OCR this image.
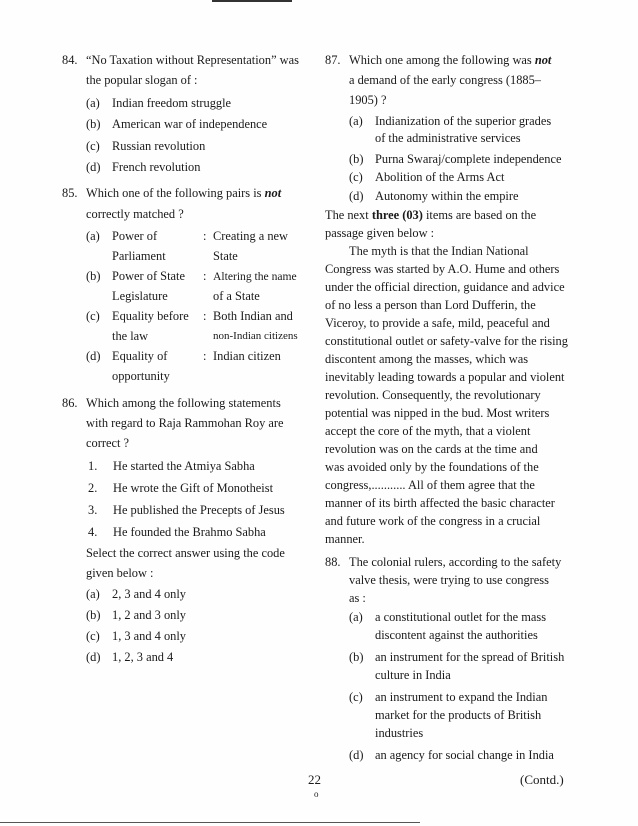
84. “No Taxation without Representation” was
the popular slogan of :
(a) Indian freedom struggle
(b) American war of independence
(c) Russian revolution
(d) French revolution
85. Which one of the following pairs is not
correctly matched ?
(a) Power of	: Creating a new
Parliament	State
(b) Power of State : Altering the name
Legislature	of a State
(c) Equality before : Both Indian and
the law	non-Indian citizens
(d) Equality of	: Indian citizen
opportunity
86. Which among the following statements
with regard to Raja Rammohan Roy are
correct ?
1. He started the Atmiya Sabha
2. He wrote the Gift of Monotheist
3. He published the Precepts of Jesus
4. He founded the Brahmo Sabha
Select the correct answer using the code
given below :
(a) 2, 3 and 4 only
(b) 1, 2 and 3 only
(c) 1, 3 and 4 only
(d) 1, 2, 3 and 4
87. Which one among the following was not
a demand of the early congress (1885–
1905) ?
(a) Indianization of the superior grades
of the administrative services
(b) Purna Swaraj/complete independence
(c) Abolition of the Arms Act
(d) Autonomy within the empire
The next three (03) items are based on the
passage given below :
The myth is that the Indian National
Congress was started by A.O. Hume and others
under the official direction, guidance and advice
of no less a person than Lord Dufferin, the
Viceroy, to provide a safe, mild, peaceful and
constitutional outlet or safety-valve for the rising
discontent among the masses, which was
inevitably leading towards a popular and violent
revolution. Consequently, the revolutionary
potential was nipped in the bud. Most writers
accept the core of the myth, that a violent
revolution was on the cards at the time and
was avoided only by the foundations of the
congress,........... All of them agree that the
manner of its birth affected the basic character
and future work of the congress in a crucial
manner.
88. The colonial rulers, according to the safety
valve thesis, were trying to use congress
as :
(a) a constitutional outlet for the mass
discontent against the authorities
(b) an instrument for the spread of British
culture in India
(c) an instrument to expand the Indian
market for the products of British
industries
(d) an agency for social change in India
22
o
(Contd.)
